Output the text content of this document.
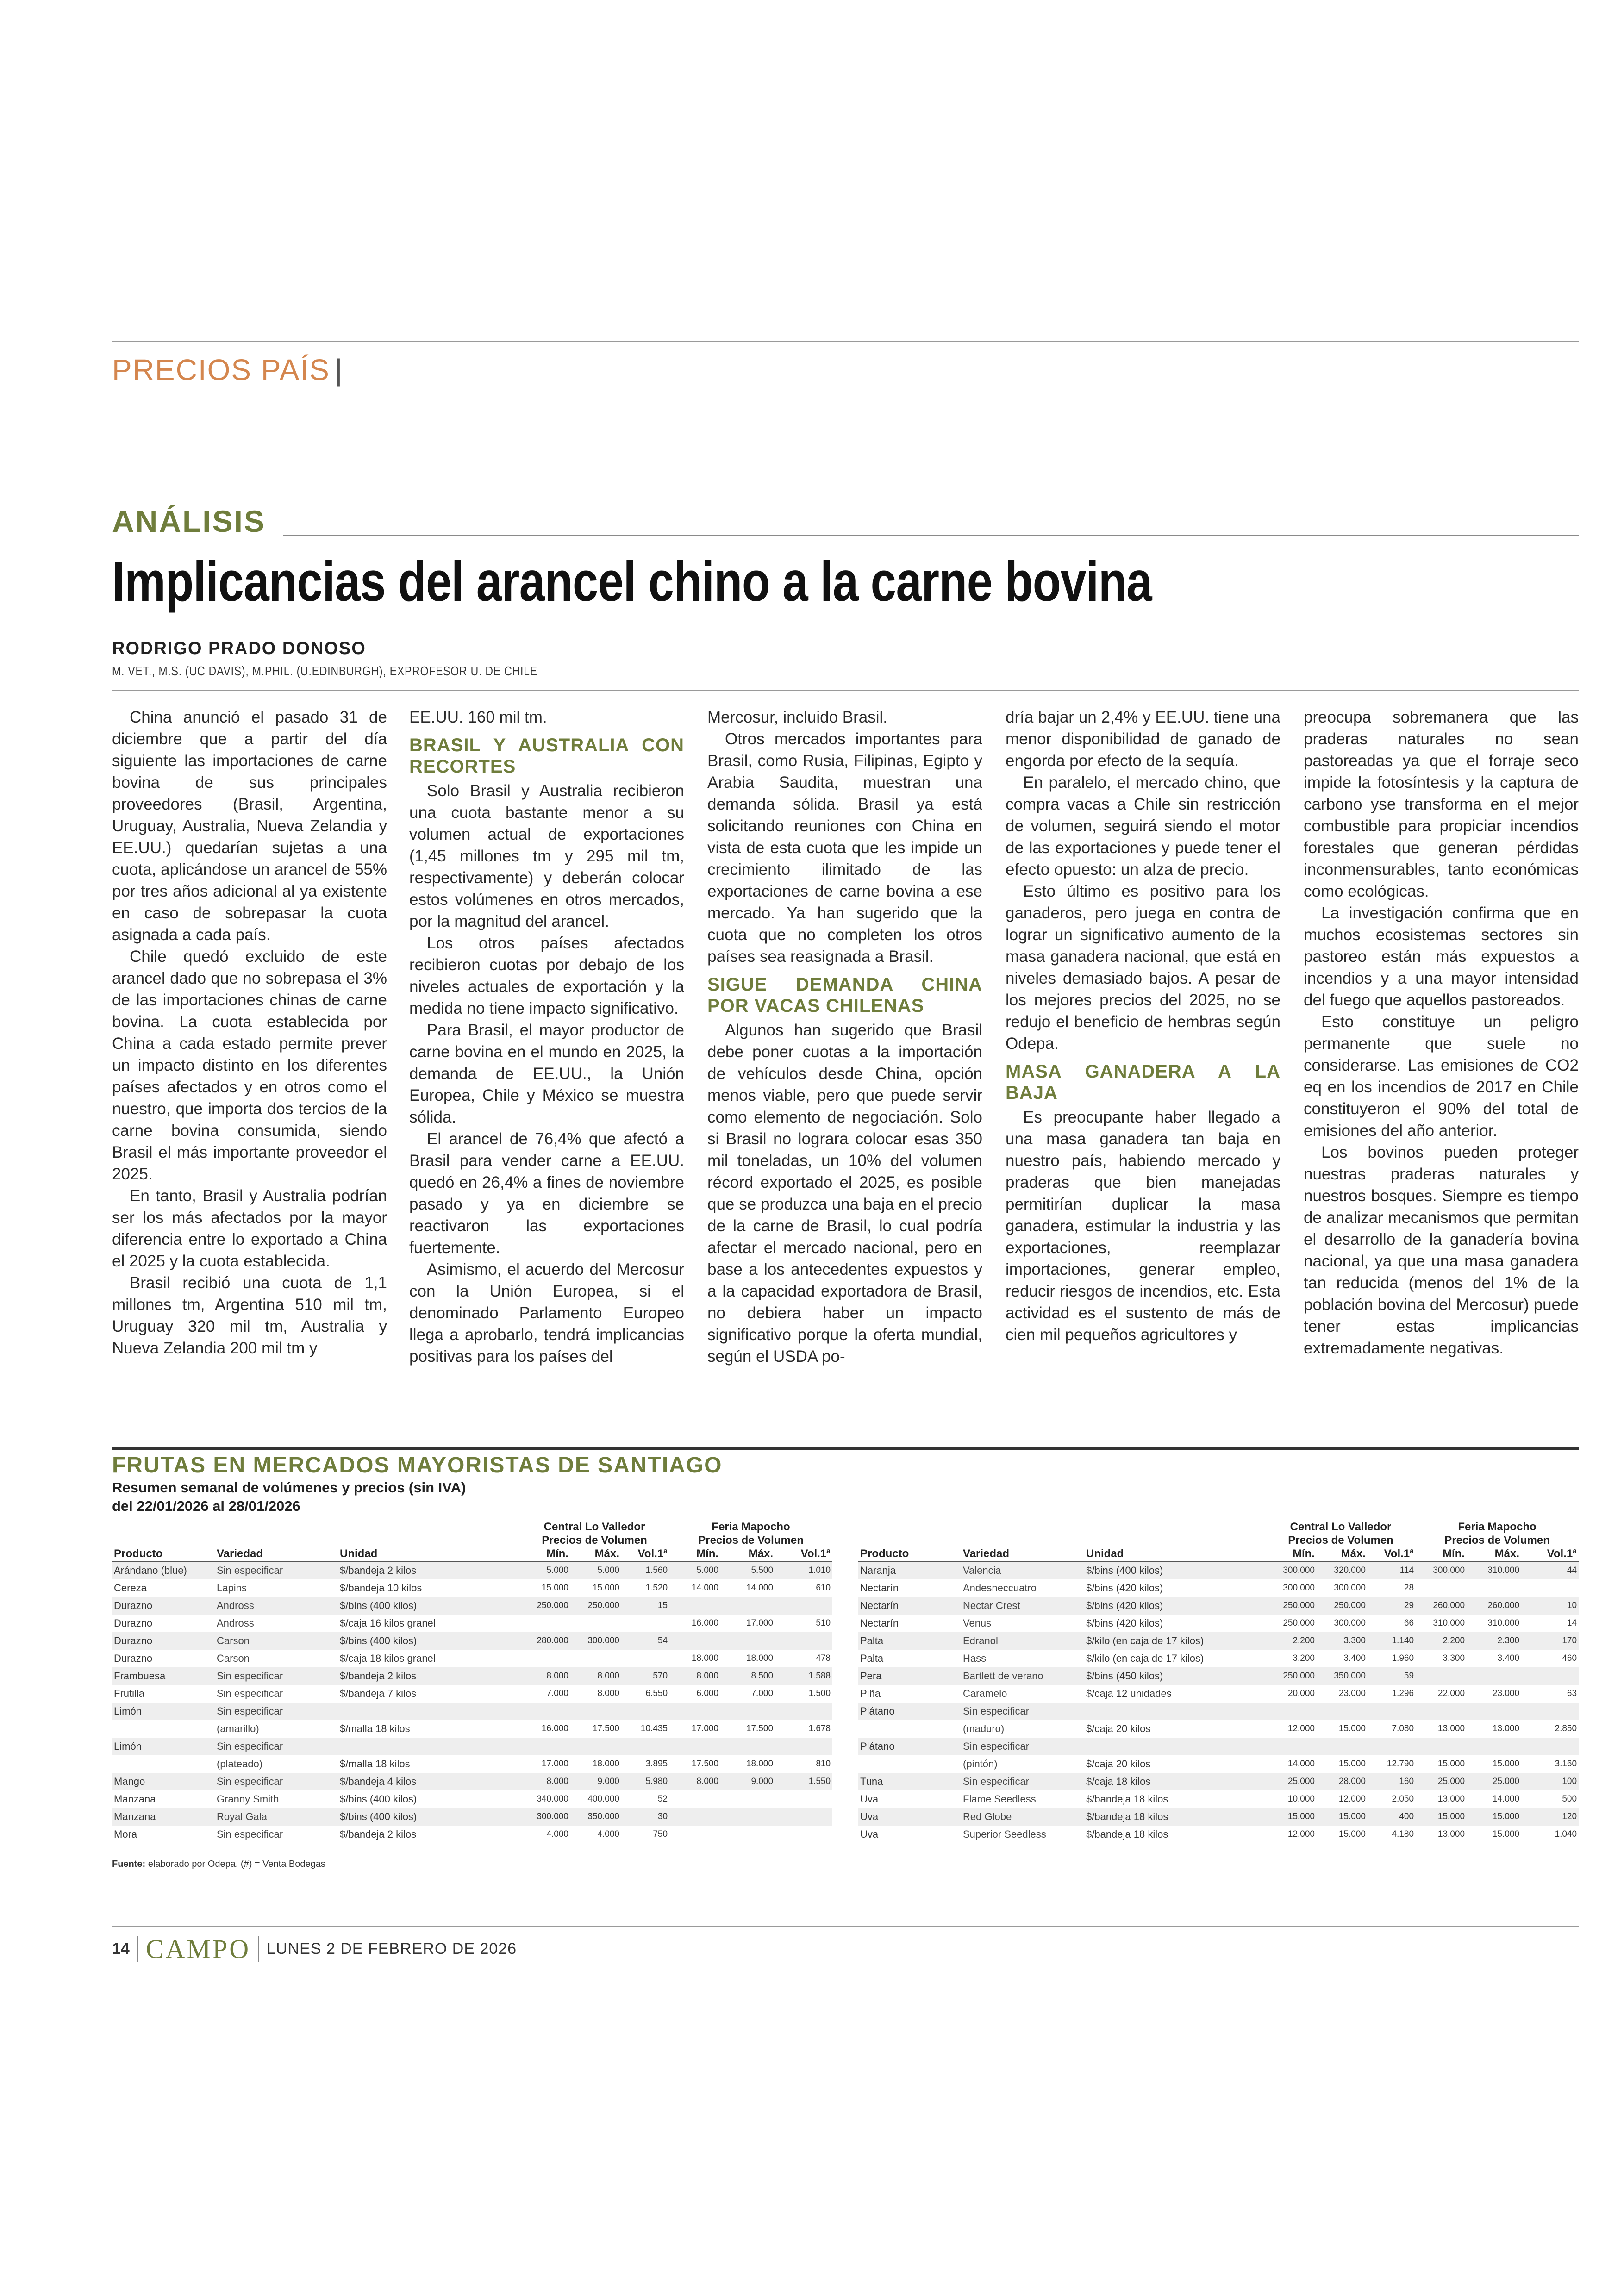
PRECIOS PAÍS |
ANÁLISIS
Implicancias del arancel chino a la carne bovina
RODRIGO PRADO DONOSO
M. VET., M.S. (UC DAVIS), M.PHIL. (U.EDINBURGH), EXPROFESOR U. DE CHILE

China anunció el pasado 31 de diciembre que a partir del día siguiente las importaciones de carne bovina de sus principales proveedores (Brasil, Argentina, Uruguay, Australia, Nueva Zelandia y EE.UU.) quedarían sujetas a una cuota, aplicándose un arancel de 55% por tres años adicional al ya existente en caso de sobrepasar la cuota asignada a cada país.

Chile quedó excluido de este arancel dado que no sobrepasa el 3% de las importaciones chinas de carne bovina. La cuota establecida por China a cada estado permite prever un impacto distinto en los diferentes países afectados y en otros como el nuestro, que importa dos tercios de la carne bovina consumida, siendo Brasil el más importante proveedor el 2025.

En tanto, Brasil y Australia podrían ser los más afectados por la mayor diferencia entre lo exportado a China el 2025 y la cuota establecida.

Brasil recibió una cuota de 1,1 millones tm, Argentina 510 mil tm, Uruguay 320 mil tm, Australia y Nueva Zelandia 200 mil tm y

EE.UU. 160 mil tm.

BRASIL Y AUSTRALIA CON RECORTES

Solo Brasil y Australia recibieron una cuota bastante menor a su volumen actual de exportaciones (1,45 millones tm y 295 mil tm, respectivamente) y deberán colocar estos volúmenes en otros mercados, por la magnitud del arancel.

Los otros países afectados recibieron cuotas por debajo de los niveles actuales de exportación y la medida no tiene impacto significativo.

Para Brasil, el mayor productor de carne bovina en el mundo en 2025, la demanda de EE.UU., la Unión Europea, Chile y México se muestra sólida.

El arancel de 76,4% que afectó a Brasil para vender carne a EE.UU. quedó en 26,4% a fines de noviembre pasado y ya en diciembre se reactivaron las exportaciones fuertemente.

Asimismo, el acuerdo del Mercosur con la Unión Europea, si el denominado Parlamento Europeo llega a aprobarlo, tendrá implicancias positivas para los países del

Mercosur, incluido Brasil.

Otros mercados importantes para Brasil, como Rusia, Filipinas, Egipto y Arabia Saudita, muestran una demanda sólida. Brasil ya está solicitando reuniones con China en vista de esta cuota que les impide un crecimiento ilimitado de las exportaciones de carne bovina a ese mercado. Ya han sugerido que la cuota que no completen los otros países sea reasignada a Brasil.

SIGUE DEMANDA CHINA POR VACAS CHILENAS

Algunos han sugerido que Brasil debe poner cuotas a la importación de vehículos desde China, opción menos viable, pero que puede servir como elemento de negociación. Solo si Brasil no lograra colocar esas 350 mil toneladas, un 10% del volumen récord exportado el 2025, es posible que se produzca una baja en el precio de la carne de Brasil, lo cual podría afectar el mercado nacional, pero en base a los antecedentes expuestos y a la capacidad exportadora de Brasil, no debiera haber un impacto significativo porque la oferta mundial, según el USDA po-

dría bajar un 2,4% y EE.UU. tiene una menor disponibilidad de ganado de engorda por efecto de la sequía.

En paralelo, el mercado chino, que compra vacas a Chile sin restricción de volumen, seguirá siendo el motor de las exportaciones y puede tener el efecto opuesto: un alza de precio.

Esto último es positivo para los ganaderos, pero juega en contra de lograr un significativo aumento de la masa ganadera nacional, que está en niveles demasiado bajos. A pesar de los mejores precios del 2025, no se redujo el beneficio de hembras según Odepa.

MASA GANADERA A LA BAJA

Es preocupante haber llegado a una masa ganadera tan baja en nuestro país, habiendo mercado y praderas que bien manejadas permitirían duplicar la masa ganadera, estimular la industria y las exportaciones, reemplazar importaciones, generar empleo, reducir riesgos de incendios, etc. Esta actividad es el sustento de más de cien mil pequeños agricultores y

preocupa sobremanera que las praderas naturales no sean pastoreadas ya que el forraje seco impide la fotosíntesis y la captura de carbono yse transforma en el mejor combustible para propiciar incendios forestales que generan pérdidas inconmensurables, tanto económicas como ecológicas.

La investigación confirma que en muchos ecosistemas sectores sin pastoreo están más expuestos a incendios y a una mayor intensidad del fuego que aquellos pastoreados.

Esto constituye un peligro permanente que suele no considerarse. Las emisiones de CO2 eq en los incendios de 2017 en Chile constituyeron el 90% del total de emisiones del año anterior.

Los bovinos pueden proteger nuestras praderas naturales y nuestros bosques. Siempre es tiempo de analizar mecanismos que permitan el desarrollo de la ganadería bovina nacional, ya que una masa ganadera tan reducida (menos del 1% de la población bovina del Mercosur) puede tener estas implicancias extremadamente negativas.

FRUTAS EN MERCADOS MAYORISTAS DE SANTIAGO
Resumen semanal de volúmenes y precios (sin IVA)
del 22/01/2026 al 28/01/2026
			Central Lo Valledor
Precios de Volumen			Feria Mapocho
Precios de Volumen		
Producto	Variedad	Unidad	Mín.	Máx.	Vol.1ª	Mín.	Máx.	Vol.1ª
Arándano (blue)	Sin especificar	$/bandeja 2 kilos	5.000	5.000	1.560	5.000	5.500	1.010
Cereza	Lapins	$/bandeja 10 kilos	15.000	15.000	1.520	14.000	14.000	610
Durazno	Andross	$/bins (400 kilos)	250.000	250.000	15			
Durazno	Andross	$/caja 16 kilos granel				16.000	17.000	510
Durazno	Carson	$/bins (400 kilos)	280.000	300.000	54			
Durazno	Carson	$/caja 18 kilos granel				18.000	18.000	478
Frambuesa	Sin especificar	$/bandeja 2 kilos	8.000	8.000	570	8.000	8.500	1.588
Frutilla	Sin especificar	$/bandeja 7 kilos	7.000	8.000	6.550	6.000	7.000	1.500
Limón	Sin especificar							
	(amarillo)	$/malla 18 kilos	16.000	17.500	10.435	17.000	17.500	1.678
Limón	Sin especificar							
	(plateado)	$/malla 18 kilos	17.000	18.000	3.895	17.500	18.000	810
Mango	Sin especificar	$/bandeja 4 kilos	8.000	9.000	5.980	8.000	9.000	1.550
Manzana	Granny Smith	$/bins (400 kilos)	340.000	400.000	52			
Manzana	Royal Gala	$/bins (400 kilos)	300.000	350.000	30			
Mora	Sin especificar	$/bandeja 2 kilos	4.000	4.000	750			
			Central Lo Valledor
Precios de Volumen			Feria Mapocho
Precios de Volumen		
Producto	Variedad	Unidad	Mín.	Máx.	Vol.1ª	Mín.	Máx.	Vol.1ª
Naranja	Valencia	$/bins (400 kilos)	300.000	320.000	114	300.000	310.000	44
Nectarín	Andesneccuatro	$/bins (420 kilos)	300.000	300.000	28			
Nectarín	Nectar Crest	$/bins (420 kilos)	250.000	250.000	29	260.000	260.000	10
Nectarín	Venus	$/bins (420 kilos)	250.000	300.000	66	310.000	310.000	14
Palta	Edranol	$/kilo (en caja de 17 kilos)	2.200	3.300	1.140	2.200	2.300	170
Palta	Hass	$/kilo (en caja de 17 kilos)	3.200	3.400	1.960	3.300	3.400	460
Pera	Bartlett de verano	$/bins (450 kilos)	250.000	350.000	59			
Piña	Caramelo	$/caja 12 unidades	20.000	23.000	1.296	22.000	23.000	63
Plátano	Sin especificar							
	(maduro)	$/caja 20 kilos	12.000	15.000	7.080	13.000	13.000	2.850
Plátano	Sin especificar							
	(pintón)	$/caja 20 kilos	14.000	15.000	12.790	15.000	15.000	3.160
Tuna	Sin especificar	$/caja 18 kilos	25.000	28.000	160	25.000	25.000	100
Uva	Flame Seedless	$/bandeja 18 kilos	10.000	12.000	2.050	13.000	14.000	500
Uva	Red Globe	$/bandeja 18 kilos	15.000	15.000	400	15.000	15.000	120
Uva	Superior Seedless	$/bandeja 18 kilos	12.000	15.000	4.180	13.000	15.000	1.040
Fuente: elaborado por Odepa. (#) = Venta Bodegas
14 CAMPO LUNES 2 DE FEBRERO DE 2026
